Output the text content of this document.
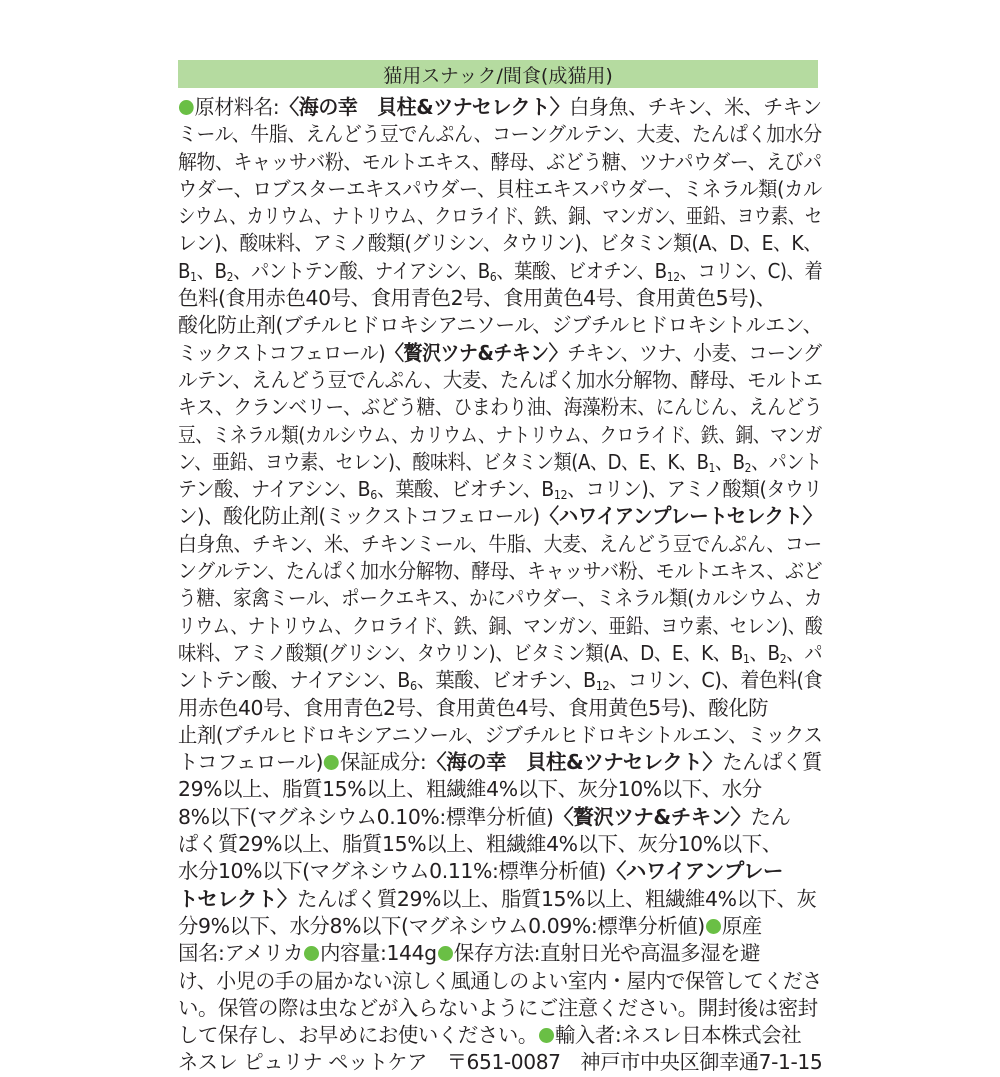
猫用スナック/間食(成猫用)
原材料名:〈海の幸　貝柱&ツナセレクト〉白身魚、チキン、米、チキン
ミール、牛脂、えんどう豆でんぷん、コーングルテン、大麦、たんぱく加水分
解物、キャッサバ粉、モルトエキス、酵母、ぶどう糖、ツナパウダー、えびパ
ウダー、ロブスターエキスパウダー、貝柱エキスパウダー、ミネラル類(カル
シウム、カリウム、ナトリウム、クロライド、鉄、銅、マンガン、亜鉛、ヨウ素、セ
レン)、酸味料、アミノ酸類(グリシン、タウリン)、ビタミン類(A、D、E、K、
$B_1$、$B_2$、パントテン酸、ナイアシン、$B_6$、葉酸、ビオチン、$B_{12}$、コリン、C)、着
色料(食用赤色40号、食用青色2号、食用黄色4号、食用黄色5号)、
酸化防止剤(ブチルヒドロキシアニソール、ジブチルヒドロキシトルエン、
ミックストコフェロール)〈贅沢ツナ&チキン〉チキン、ツナ、小麦、コーング
ルテン、えんどう豆でんぷん、大麦、たんぱく加水分解物、酵母、モルトエ
キス、クランベリー、ぶどう糖、ひまわり油、海藻粉末、にんじん、えんどう
豆、ミネラル類(カルシウム、カリウム、ナトリウム、クロライド、鉄、銅、マンガ
ン、亜鉛、ヨウ素、セレン)、酸味料、ビタミン類(A、D、E、K、$B_1$、$B_2$、パント
テン酸、ナイアシン、$B_6$、葉酸、ビオチン、$B_{12}$、コリン)、アミノ酸類(タウリ
ン)、酸化防止剤(ミックストコフェロール)〈ハワイアンプレートセレクト〉
白身魚、チキン、米、チキンミール、牛脂、大麦、えんどう豆でんぷん、コー
ングルテン、たんぱく加水分解物、酵母、キャッサバ粉、モルトエキス、ぶど
う糖、家禽ミール、ポークエキス、かにパウダー、ミネラル類(カルシウム、カ
リウム、ナトリウム、クロライド、鉄、銅、マンガン、亜鉛、ヨウ素、セレン)、酸
味料、アミノ酸類(グリシン、タウリン)、ビタミン類(A、D、E、K、$B_1$、$B_2$、パ
ントテン酸、ナイアシン、$B_6$、葉酸、ビオチン、$B_{12}$、コリン、C)、着色料(食
用赤色40号、食用青色2号、食用黄色4号、食用黄色5号)、酸化防
止剤(ブチルヒドロキシアニソール、ジブチルヒドロキシトルエン、ミックス
トコフェロール) 保証成分:〈海の幸　貝柱&ツナセレクト〉たんぱく質
29%以上、脂質15%以上、粗繊維4%以下、灰分10%以下、水分
8%以下(マグネシウム0.10%:標準分析値)〈贅沢ツナ&チキン〉たん
ぱく質29%以上、脂質15%以上、粗繊維4%以下、灰分10%以下、
水分10%以下(マグネシウム0.11%:標準分析値)〈ハワイアンプレー
トセレクト〉たんぱく質29%以上、脂質15%以上、粗繊維4%以下、灰
分9%以下、水分8%以下(マグネシウム0.09%:標準分析値) 原産
国名:アメリカ 内容量:144g 保存方法:直射日光や高温多湿を避
け、小児の手の届かない涼しく風通しのよい室内・屋内で保管してくださ
い。保管の際は虫などが入らないようにご注意ください。開封後は密封
して保存し、お早めにお使いください。 輸入者:ネスレ日本株式会社
ネスレ ピュリナ ペットケア　〒651-0087　神戸市中央区御幸通7-1-15
